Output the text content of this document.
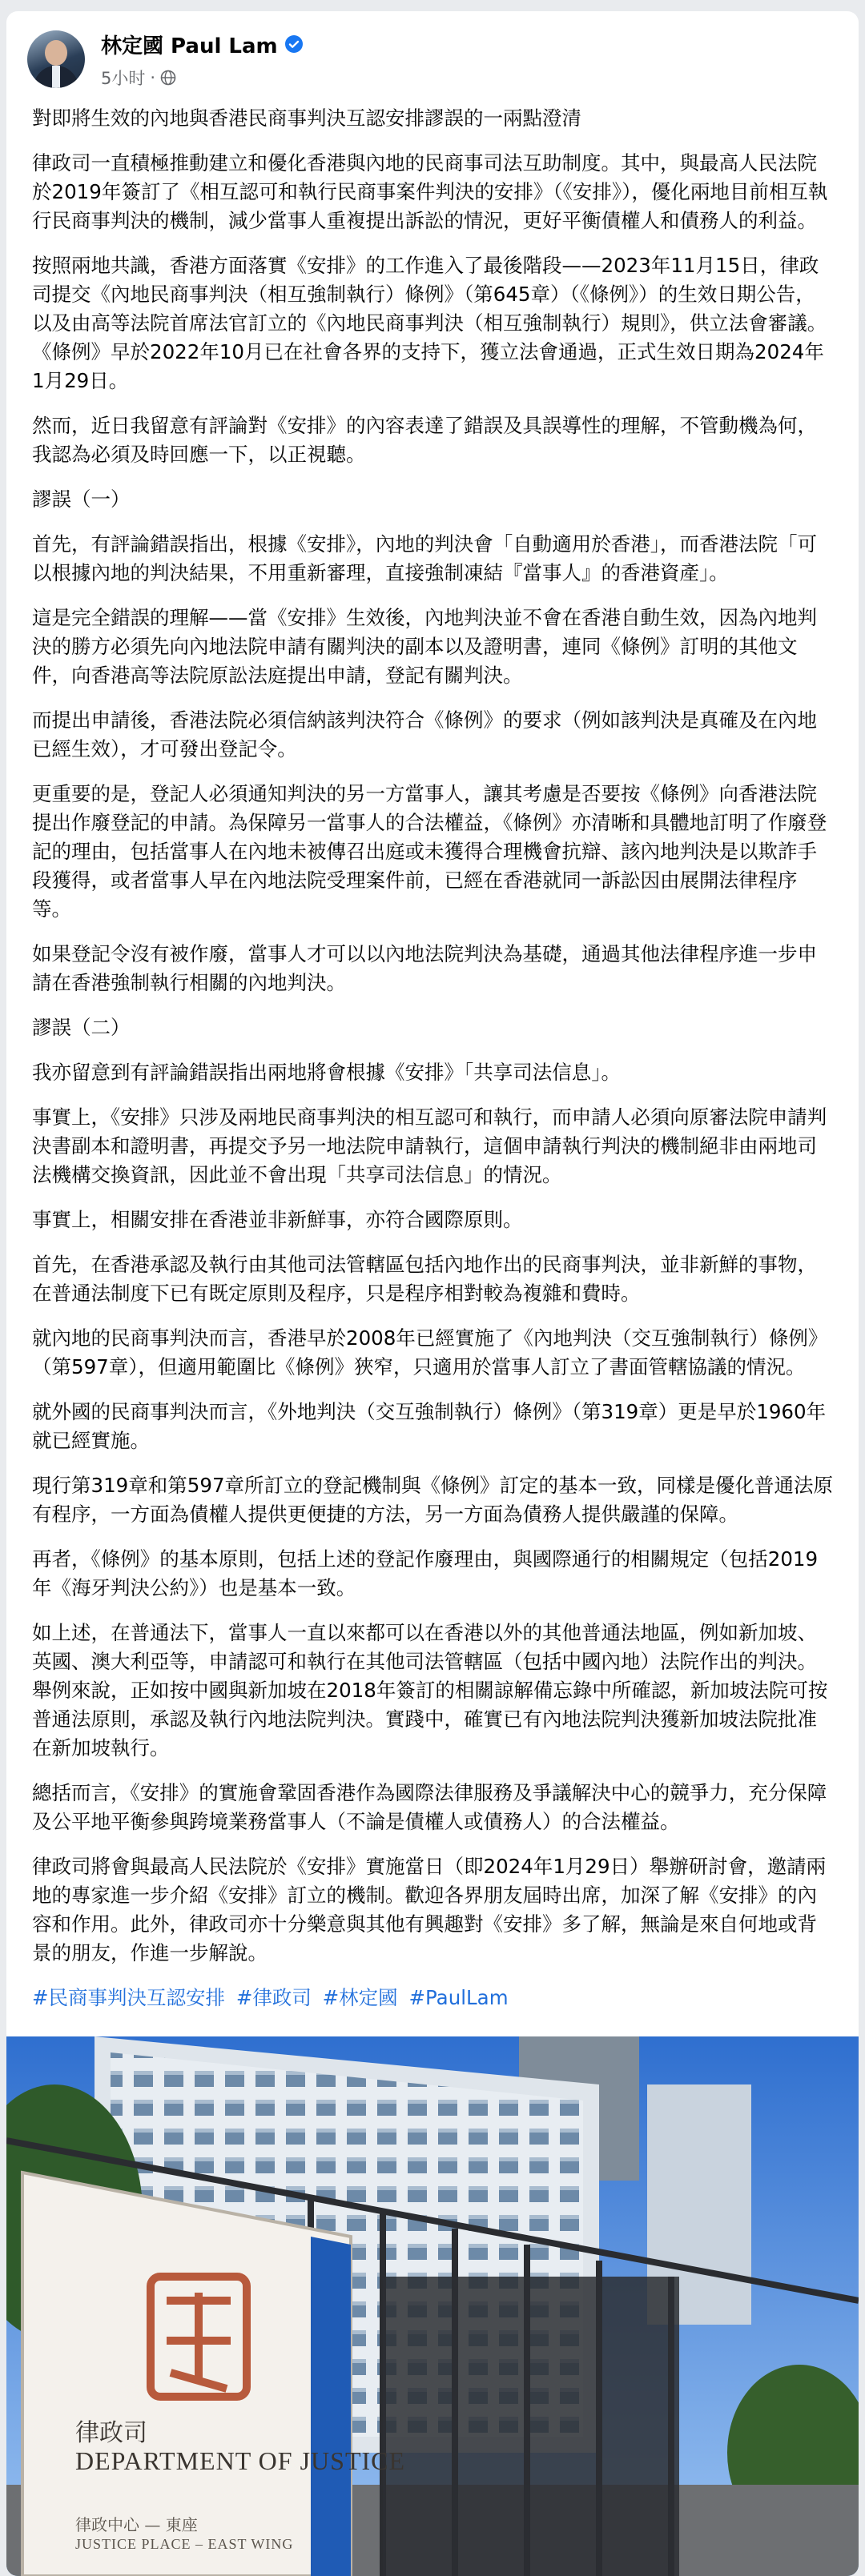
林定國 Paul Lam
5小时 ·

對即將生效的內地與香港民商事判決互認安排謬誤的一兩點澄清

律政司一直積極推動建立和優化香港與內地的民商事司法互助制度。其中，與最高人民法院於2019年簽訂了《相互認可和執行民商事案件判決的安排》（《安排》），優化兩地目前相互執行民商事判決的機制，減少當事人重複提出訴訟的情況，更好平衡債權人和債務人的利益。

按照兩地共識，香港方面落實《安排》的工作進入了最後階段——2023年11月15日，律政司提交《內地民商事判決（相互強制執行）條例》（第645章）（《條例》）的生效日期公告，以及由高等法院首席法官訂立的《內地民商事判決（相互強制執行）規則》，供立法會審議。《條例》早於2022年10月已在社會各界的支持下，獲立法會通過，正式生效日期為2024年1月29日。

然而，近日我留意有評論對《安排》的內容表達了錯誤及具誤導性的理解，不管動機為何，我認為必須及時回應一下，以正視聽。

謬誤（一）

首先，有評論錯誤指出，根據《安排》，內地的判決會「自動適用於香港」，而香港法院「可以根據內地的判決結果，不用重新審理，直接強制凍結『當事人』的香港資產」。

這是完全錯誤的理解——當《安排》生效後，內地判決並不會在香港自動生效，因為內地判決的勝方必須先向內地法院申請有關判決的副本以及證明書，連同《條例》訂明的其他文件，向香港高等法院原訟法庭提出申請，登記有關判決。

而提出申請後，香港法院必須信納該判決符合《條例》的要求（例如該判決是真確及在內地已經生效），才可發出登記令。

更重要的是，登記人必須通知判決的另一方當事人，讓其考慮是否要按《條例》向香港法院提出作廢登記的申請。為保障另一當事人的合法權益，《條例》亦清晰和具體地訂明了作廢登記的理由，包括當事人在內地未被傳召出庭或未獲得合理機會抗辯、該內地判決是以欺詐手段獲得，或者當事人早在內地法院受理案件前，已經在香港就同一訴訟因由展開法律程序等。

如果登記令沒有被作廢，當事人才可以以內地法院判決為基礎，通過其他法律程序進一步申請在香港強制執行相關的內地判決。

謬誤（二）

我亦留意到有評論錯誤指出兩地將會根據《安排》「共享司法信息」。

事實上，《安排》只涉及兩地民商事判決的相互認可和執行，而申請人必須向原審法院申請判決書副本和證明書，再提交予另一地法院申請執行，這個申請執行判決的機制絕非由兩地司法機構交換資訊，因此並不會出現「共享司法信息」的情況。

事實上，相關安排在香港並非新鮮事，亦符合國際原則。

首先，在香港承認及執行由其他司法管轄區包括內地作出的民商事判決，並非新鮮的事物，在普通法制度下已有既定原則及程序，只是程序相對較為複雜和費時。

就內地的民商事判決而言，香港早於2008年已經實施了《內地判決（交互強制執行）條例》（第597章），但適用範圍比《條例》狹窄，只適用於當事人訂立了書面管轄協議的情況。

就外國的民商事判決而言，《外地判決（交互強制執行）條例》（第319章）更是早於1960年就已經實施。

現行第319章和第597章所訂立的登記機制與《條例》訂定的基本一致，同樣是優化普通法原有程序，一方面為債權人提供更便捷的方法，另一方面為債務人提供嚴謹的保障。

再者，《條例》的基本原則，包括上述的登記作廢理由，與國際通行的相關規定（包括2019年《海牙判決公約》）也是基本一致。

如上述，在普通法下，當事人一直以來都可以在香港以外的其他普通法地區，例如新加坡、英國、澳大利亞等，申請認可和執行在其他司法管轄區（包括中國內地）法院作出的判決。舉例來說，正如按中國與新加坡在2018年簽訂的相關諒解備忘錄中所確認，新加坡法院可按普通法原則，承認及執行內地法院判決。實踐中，確實已有內地法院判決獲新加坡法院批准在新加坡執行。

總括而言，《安排》的實施會鞏固香港作為國際法律服務及爭議解決中心的競爭力，充分保障及公平地平衡參與跨境業務當事人（不論是債權人或債務人）的合法權益。

律政司將會與最高人民法院於《安排》實施當日（即2024年1月29日）舉辦研討會，邀請兩地的專家進一步介紹《安排》訂立的機制。歡迎各界朋友屆時出席，加深了解《安排》的內容和作用。此外，律政司亦十分樂意與其他有興趣對《安排》多了解，無論是來自何地或背景的朋友，作進一步解說。

#民商事判決互認安排 #律政司 #林定國 #PaulLam

律政司
DEPARTMENT OF JUSTICE
律政中心 — 東座
JUSTICE PLACE – EAST WING
